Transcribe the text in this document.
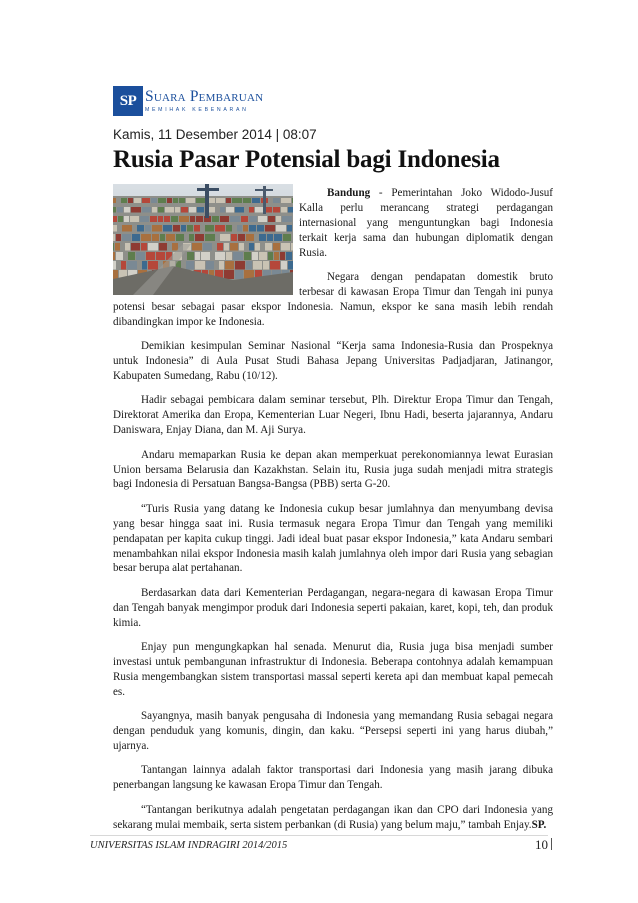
SP Suara Pembaruan
MEMIHAK KEBENARAN
Kamis, 11 Desember 2014 | 08:07
Rusia Pasar Potensial bagi Indonesia

Bandung - Pemerintahan Joko Widodo-Jusuf Kalla perlu merancang strategi perdagangan internasional yang menguntungkan bagi Indonesia terkait kerja sama dan hubungan diplomatik dengan Rusia.

Negara dengan pendapatan domestik bruto terbesar di kawasan Eropa Timur dan Tengah ini punya potensi besar sebagai pasar ekspor Indonesia. Namun, ekspor ke sana masih lebih rendah dibandingkan impor ke Indonesia.

Demikian kesimpulan Seminar Nasional “Kerja sama Indonesia-Rusia dan Prospeknya untuk Indonesia” di Aula Pusat Studi Bahasa Jepang Universitas Padjadjaran, Jatinangor, Kabupaten Sumedang, Rabu (10/12).

Hadir sebagai pembicara dalam seminar tersebut, Plh. Direktur Eropa Timur dan Tengah, Direktorat Amerika dan Eropa, Kementerian Luar Negeri, Ibnu Hadi, beserta jajarannya, Andaru Daniswara, Enjay Diana, dan M. Aji Surya.

Andaru memaparkan Rusia ke depan akan memperkuat perekonomiannya lewat Eurasian Union bersama Belarusia dan Kazakhstan. Selain itu, Rusia juga sudah menjadi mitra strategis bagi Indonesia di Persatuan Bangsa-Bangsa (PBB) serta G-20.

“Turis Rusia yang datang ke Indonesia cukup besar jumlahnya dan menyumbang devisa yang besar hingga saat ini. Rusia termasuk negara Eropa Timur dan Tengah yang memiliki pendapatan per kapita cukup tinggi. Jadi ideal buat pasar ekspor Indonesia,” kata Andaru sembari menambahkan nilai ekspor Indonesia masih kalah jumlahnya oleh impor dari Rusia yang sebagian besar berupa alat pertahanan.

Berdasarkan data dari Kementerian Perdagangan, negara-negara di kawasan Eropa Timur dan Tengah banyak mengimpor produk dari Indonesia seperti pakaian, karet, kopi, teh, dan produk kimia.

Enjay pun mengungkapkan hal senada. Menurut dia, Rusia juga bisa menjadi sumber investasi untuk pembangunan infrastruktur di Indonesia. Beberapa contohnya adalah kemampuan Rusia mengembangkan sistem transportasi massal seperti kereta api dan membuat kapal pemecah es.

Sayangnya, masih banyak pengusaha di Indonesia yang memandang Rusia sebagai negara dengan penduduk yang komunis, dingin, dan kaku. “Persepsi seperti ini yang harus diubah,” ujarnya.

Tantangan lainnya adalah faktor transportasi dari Indonesia yang masih jarang dibuka penerbangan langsung ke kawasan Eropa Timur dan Tengah.

“Tantangan berikutnya adalah pengetatan perdagangan ikan dan CPO dari Indonesia yang sekarang mulai membaik, serta sistem perbankan (di Rusia) yang belum maju,” tambah Enjay.SP.

UNIVERSITAS ISLAM INDRAGIRI 2014/2015	10
